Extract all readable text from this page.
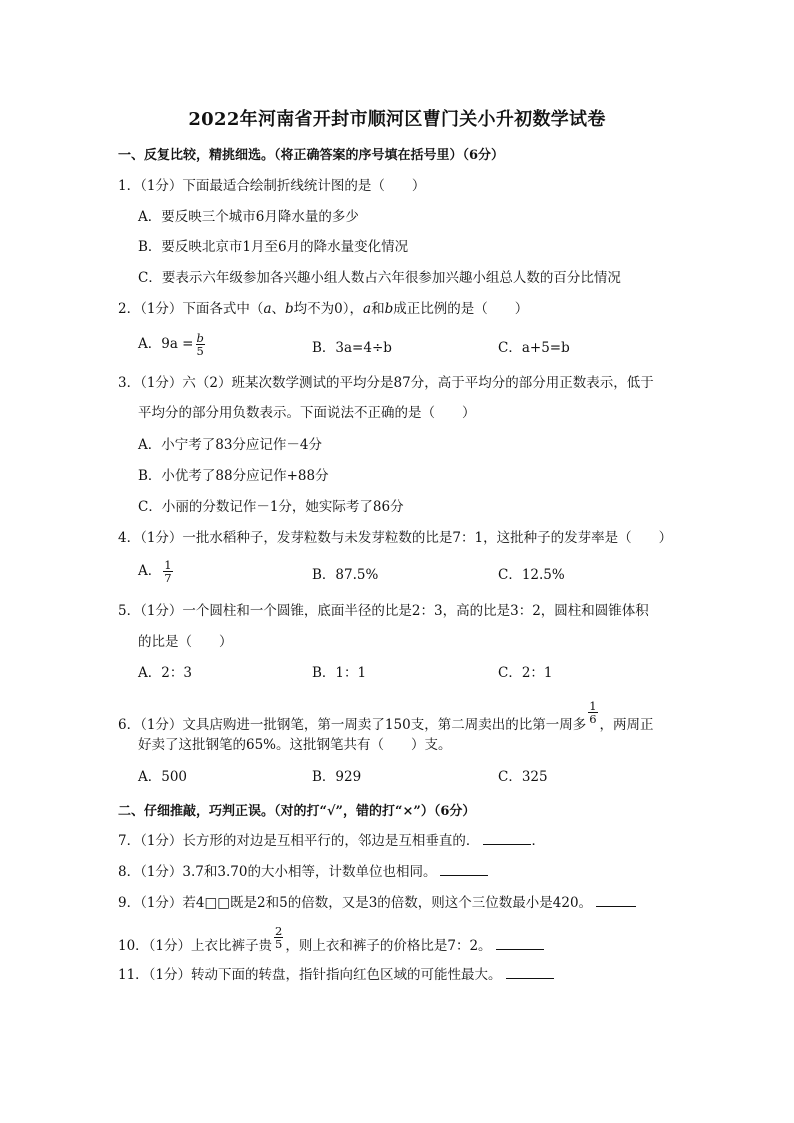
2022年河南省开封市顺河区曹门关小升初数学试卷
一、反复比较，精挑细选。（将正确答案的序号填在括号里）（6分）
1．（1分）下面最适合绘制折线统计图的是（　　）
A．要反映三个城市6月降水量的多少
B．要反映北京市1月至6月的降水量变化情况
C．要表示六年级参加各兴趣小组人数占六年很参加兴趣小组总人数的百分比情况
2．（1分）下面各式中（a、b均不为0），a和b成正比例的是（　　）
A．$9a = \frac{b}{5}$	B．3a=4÷b	C．a+5=b
3．（1分）六（2）班某次数学测试的平均分是87分，高于平均分的部分用正数表示，低于
平均分的部分用负数表示。下面说法不正确的是（　　）
A．小宁考了83分应记作－4分
B．小优考了88分应记作+88分
C．小丽的分数记作－1分，她实际考了86分
4．（1分）一批水稻种子，发芽粒数与未发芽粒数的比是7：1，这批种子的发芽率是（　　）
A． $\frac{1}{7}$	B．87.5%	C．12.5%
5．（1分）一个圆柱和一个圆锥，底面半径的比是2：3，高的比是3：2，圆柱和圆锥体积
的比是（　　）
A．2：3	B．1：1	C．2：1
6．（1分）文具店购进一批钢笔，第一周卖了150支，第二周卖出的比第一周多 $\frac{1}{6}$ ，两周正
好卖了这批钢笔的65%。这批钢笔共有（　　）支。
A．500	B．929	C．325
二、仔细推敲，巧判正误。（对的打“√”，错的打“×”）（6分）
7．（1分）长方形的对边是互相平行的，邻边是互相垂直的．	．
8．（1分）3.7和3.70的大小相等，计数单位也相同。
9．（1分）若4□□既是2和5的倍数，又是3的倍数，则这个三位数最小是420。
10．（1分）上衣比裤子贵 $\frac{2}{5}$ ，则上衣和裤子的价格比是7：2。
11．（1分）转动下面的转盘，指针指向红色区域的可能性最大。
